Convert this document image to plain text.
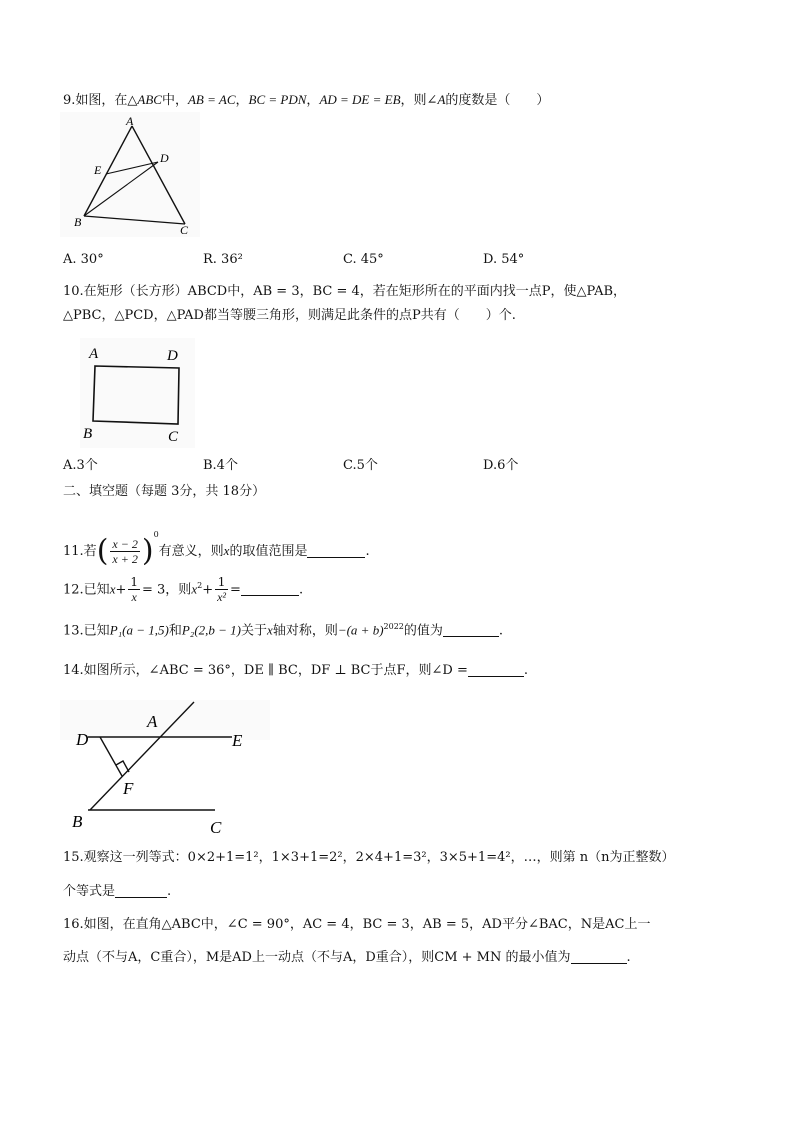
9.如图，在△ABC中，AB = AC，BC = PDN，AD = DE = EB，则∠A的度数是（　　）
A
D
E
B
C
A. 30°	R. 36²	C. 45°	D. 54°
10.在矩形（长方形）ABCD中，AB = 3，BC = 4，若在矩形所在的平面内找一点P，使△PAB，
△PBC，△PCD，△PAD都当等腰三角形，则满足此条件的点P共有（　　）个.
A	D
B	C
A.3个	B.4个	C.5个	D.6个
二、填空题（每题 3分，共 18分）
11.若( $\frac{x - 2}{x + 2} )^0$有意义，则x的取值范围是	.
12.已知$x+ \frac{1}{x} = 3$，则$x^2+ \frac{1}{\text{x²}}$ =	.
13.已知P₁(a − 1,5)和P₂(2,b − 1)关于x轴对称，则$-(a + b)^{2022}$的值为	.
14.如图所示，∠ABC = 36°，DE ∥ BC，DF ⊥ BC于点F，则∠D =	.
D
A
E
F
B	C
15.观察这一列等式：0×2+1=1²，1×3+1=2²，2×4+1=3²，3×5+1=4²，…，则第 n（n为正整数）
个等式是	.
16.如图，在直角△ABC中，∠C = 90°，AC = 4，BC = 3，AB = 5，AD平分∠BAC，N是AC上一
动点（不与A，C重合），M是AD上一动点（不与A，D重合），则CM + MN 的最小值为	.
